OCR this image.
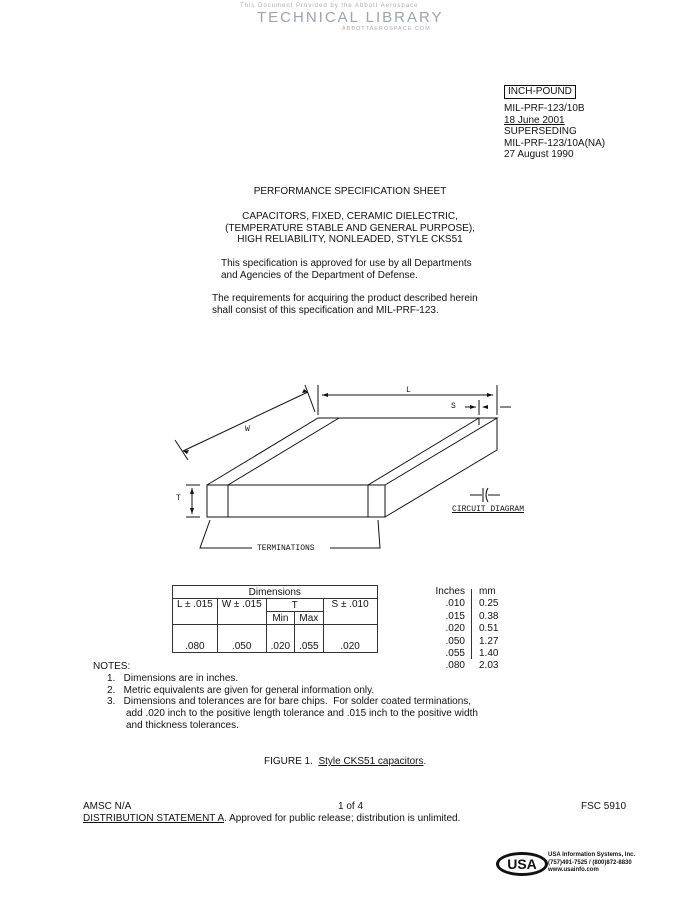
This Document Provided by the Abbott Aerospace
TECHNICAL LIBRARY
ABBOTTAEROSPACE.COM
INCH-POUND
MIL-PRF-123/10B
18 June 2001
SUPERSEDING
MIL-PRF-123/10A(NA)
27 August 1990
PERFORMANCE SPECIFICATION SHEET
CAPACITORS, FIXED, CERAMIC DIELECTRIC,
(TEMPERATURE STABLE AND GENERAL PURPOSE),
HIGH RELIABILITY, NONLEADED, STYLE CKS51
This specification is approved for use by all Departments
and Agencies of the Department of Defense.
The requirements for acquiring the product described herein
shall consist of this specification and MIL-PRF-123.
L
S
W
T
CIRCUIT DIAGRAM
TERMINATIONS
Dimensions				
L ± .015	W ± .015	T		S ± .010
		Min	Max	
.080	.050	.020	.055	.020
Inches mm
.010 0.25
.015 0.38
.020 0.51
.050 1.27
.055 1.40
.080 2.03
NOTES:
1.   Dimensions are in inches.
2.   Metric equivalents are given for general information only.
3.   Dimensions and tolerances are for bare chips.  For solder coated terminations,
add .020 inch to the positive length tolerance and .015 inch to the positive width
and thickness tolerances.
FIGURE 1.  Style CKS51 capacitors.
AMSC N/A	1 of 4	FSC 5910
DISTRIBUTION STATEMENT A. Approved for public release; distribution is unlimited.
USA
USA Information Systems, Inc.
(757)491-7525 / (800)872-8830
www.usainfo.com
